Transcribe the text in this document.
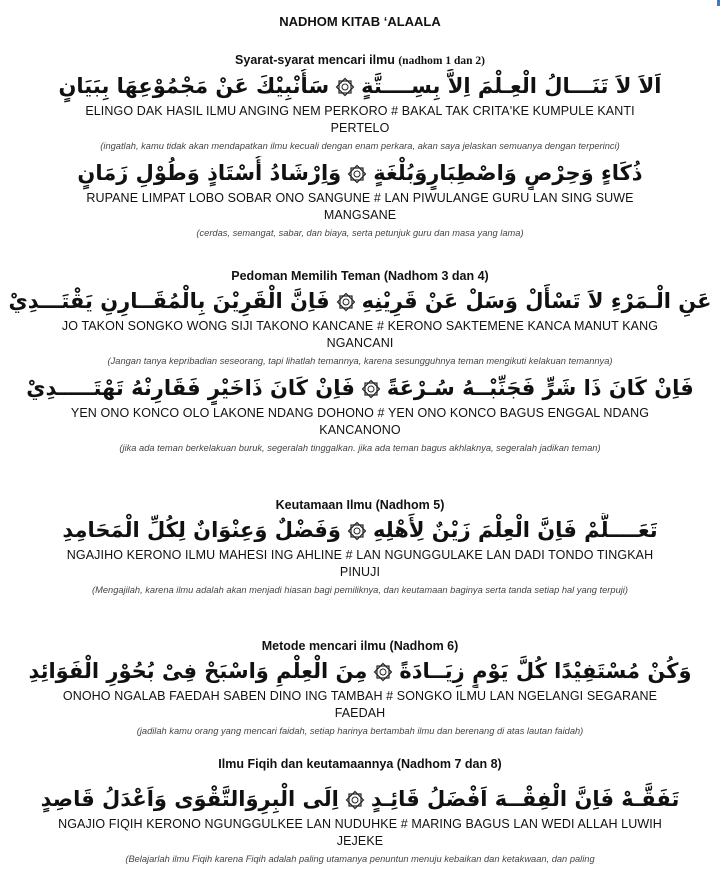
NADHOM KITAB ‘ALAALA

Syarat-syarat mencari ilmu (nadhom 1 dan 2)

اَلاَ لاَ تَنَـــالُ الْعِـلْمَ اِلاَّ بِسِــــتَّةٍسَأُنْبِيْكَ عَنْ مَجْمُوْعِهَا بِبَيَانٍ

ELINGO DAK HASIL ILMU ANGING NEM PERKORO # BAKAL TAK CRITA'KE KUMPULE KANTI PERTELO

(ingatlah, kamu tidak akan mendapatkan ilmu kecuali dengan enam perkara, akan saya jelaskan semuanya dengan terperinci)

ذُكَاءٍ وَحِرْصٍ وَاصْطِبَارٍوَبُلْغَةٍوَاِرْشَادُ أُسْتَاذٍ وَطُوْلِ زَمَانٍ

RUPANE LIMPAT LOBO SOBAR ONO SANGUNE # LAN PIWULANGE GURU LAN SING SUWE MANGSANE

(cerdas, semangat, sabar, dan biaya, serta petunjuk guru dan masa yang lama)

Pedoman Memilih Teman (Nadhom 3 dan 4)

عَنِ الْـمَرْءِ لاَ تَسْأَلْ وَسَلْ عَنْ قَرِيْنِهِفَاِنَّ الْقَرِيْنَ بِالْمُقَــارِنِ يَقْتَـــدِيْ

JO TAKON SONGKO WONG SIJI TAKONO KANCANE # KERONO SAKTEMENE KANCA MANUT KANG NGANCANI

(Jangan tanya kepribadian seseorang, tapi lihatlah temannya, karena sesungguhnya teman mengikuti kelakuan temannya)

فَاِنْ كَانَ ذَا شَرٍّ فَجَنِّبْــهُ سُـرْعَةًفَاِنْ كَانَ ذَاخَيْرٍ فَقَارِنْهُ تَهْتَـــــدِيْ

YEN ONO KONCO OLO LAKONE NDANG DOHONO # YEN ONO KONCO BAGUS ENGGAL NDANG KANCANONO

(jika ada teman berkelakuan buruk, segeralah tinggalkan. jika ada teman bagus akhlaknya, segeralah jadikan teman)

Keutamaan Ilmu (Nadhom 5)

تَعَــــلَّمْ فَاِنَّ الْعِلْمَ زَيْنٌ لِأَهْلِهِوَفَضْلٌ وَعِنْوَانٌ لِكُلِّ الْمَحَامِدِ

NGAJIHO KERONO ILMU MAHESI ING AHLINE # LAN NGUNGGULAKE LAN DADI TONDO TINGKAH PINUJI

(Mengajilah, karena ilmu adalah akan menjadi hiasan bagi pemiliknya, dan keutamaan baginya serta tanda setiap hal yang terpuji)

Metode mencari ilmu (Nadhom 6)

وَكُنْ مُسْتَفِيْدًا كُلَّ يَوْمٍ زِيَــادَةًمِنَ الْعِلْمِ وَاسْبَحْ فِىْ بُحُوْرِ الْفَوَائِدِ

ONOHO NGALAB FAEDAH SABEN DINO ING TAMBAH # SONGKO ILMU LAN NGELANGI SEGARANE FAEDAH

(jadilah kamu orang yang mencari faidah, setiap harinya bertambah ilmu dan berenang di atas lautan faidah)

Ilmu Fiqih dan keutamaannya (Nadhom 7 dan 8)

تَفَقَّـهْ فَاِنَّ الْفِقْــهَ اَفْضَلُ قَائِـدٍاِلَى الْبِرِوَالتَّقْوَى وَاَعْدَلُ قَاصِدٍ

NGAJIO FIQIH KERONO NGUNGGULKEE LAN NUDUHKE # MARING BAGUS LAN WEDI ALLAH LUWIH JEJEKE

(Belajarlah ilmu Fiqih karena Fiqih adalah paling utamanya penuntun menuju kebaikan dan ketakwaan, dan paling
